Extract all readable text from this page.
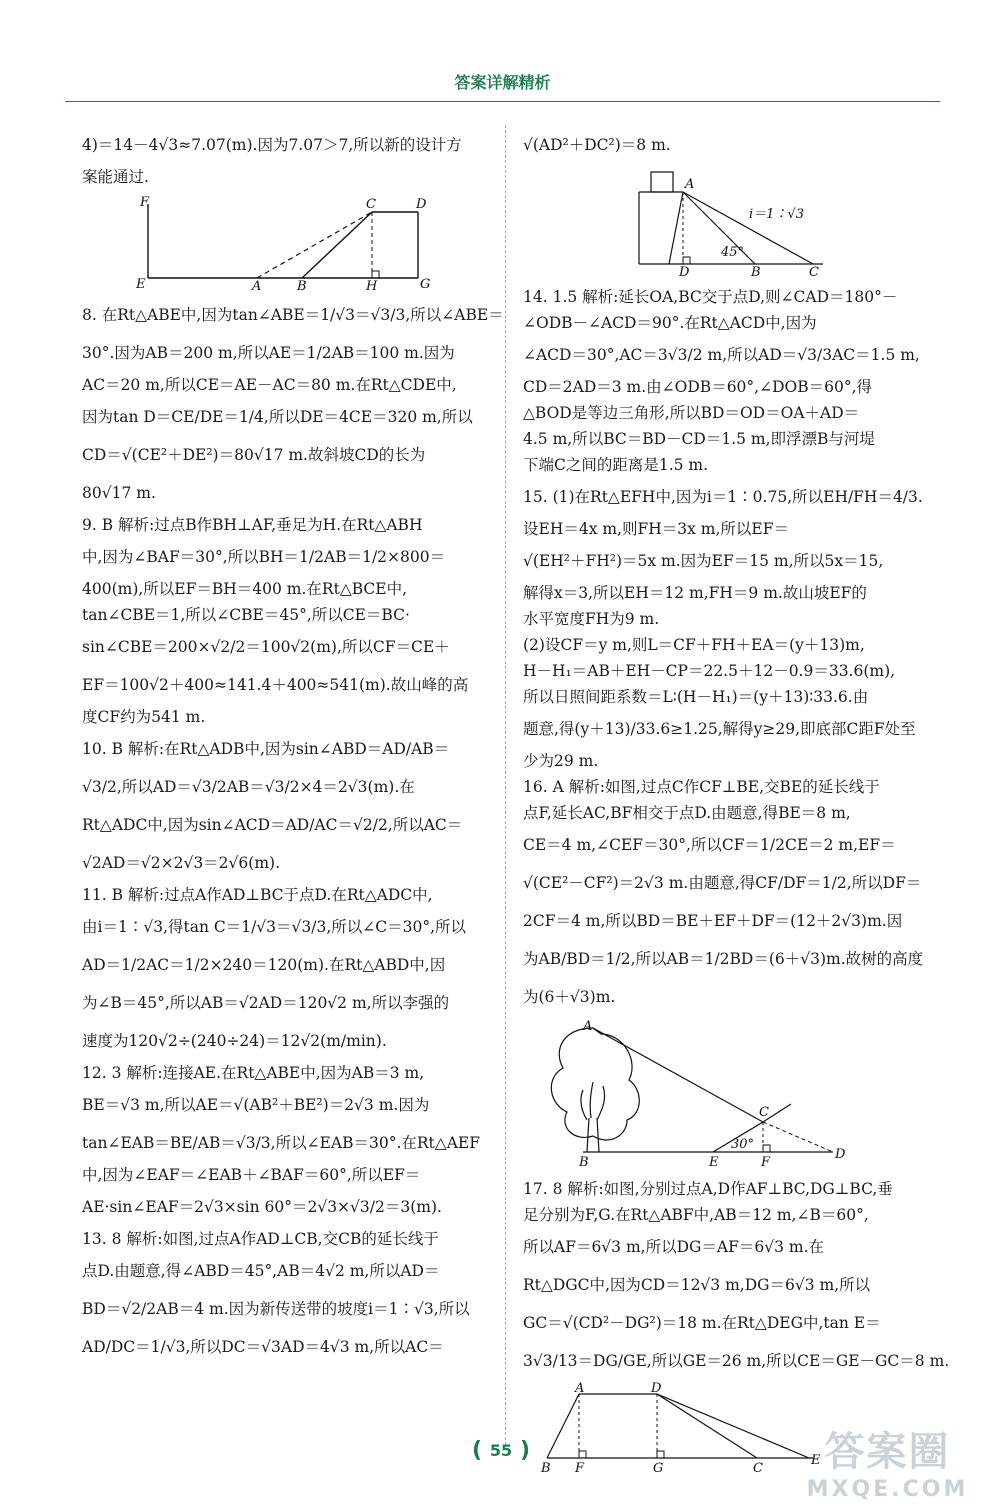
答案详解精析

4)＝14－4√3≈7.07(m).因为7.07＞7,所以新的设计方

案能通过.

F	C	D
E	A	B	H	G

8. 在Rt△ABE中,因为tan∠ABE＝1/√3＝√3/3,所以∠ABE＝

30°.因为AB＝200 m,所以AE＝1/2AB＝100 m.因为

AC＝20 m,所以CE＝AE－AC＝80 m.在Rt△CDE中,

因为tan D＝CE/DE＝1/4,所以DE＝4CE＝320 m,所以

CD＝√(CE²＋DE²)＝80√17 m.故斜坡CD的长为

80√17 m.

9. B 解析:过点B作BH⊥AF,垂足为H.在Rt△ABH

中,因为∠BAF＝30°,所以BH＝1/2AB＝1/2×800＝

400(m),所以EF＝BH＝400 m.在Rt△BCE中,

tan∠CBE＝1,所以∠CBE＝45°,所以CE＝BC·

sin∠CBE＝200×√2/2＝100√2(m),所以CF＝CE＋

EF＝100√2＋400≈141.4＋400≈541(m).故山峰的高

度CF约为541 m.

10. B 解析:在Rt△ADB中,因为sin∠ABD＝AD/AB＝

√3/2,所以AD＝√3/2AB＝√3/2×4＝2√3(m).在

Rt△ADC中,因为sin∠ACD＝AD/AC＝√2/2,所以AC＝

√2AD＝√2×2√3＝2√6(m).

11. B 解析:过点A作AD⊥BC于点D.在Rt△ADC中,

由i＝1∶√3,得tan C＝1/√3＝√3/3,所以∠C＝30°,所以

AD＝1/2AC＝1/2×240＝120(m).在Rt△ABD中,因

为∠B＝45°,所以AB＝√2AD＝120√2 m,所以李强的

速度为120√2÷(240÷24)＝12√2(m/min).

12. 3 解析:连接AE.在Rt△ABE中,因为AB＝3 m,

BE＝√3 m,所以AE＝√(AB²＋BE²)＝2√3 m.因为

tan∠EAB＝BE/AB＝√3/3,所以∠EAB＝30°.在Rt△AEF

中,因为∠EAF＝∠EAB＋∠BAF＝60°,所以EF＝

AE·sin∠EAF＝2√3×sin 60°＝2√3×√3/2＝3(m).

13. 8 解析:如图,过点A作AD⊥CB,交CB的延长线于

点D.由题意,得∠ABD＝45°,AB＝4√2 m,所以AD＝

BD＝√2/2AB＝4 m.因为新传送带的坡度i＝1∶√3,所以

AD/DC＝1/√3,所以DC＝√3AD＝4√3 m,所以AC＝

√(AD²＋DC²)＝8 m.

A
i＝1∶√3
45°
D	B	C

14. 1.5 解析:延长OA,BC交于点D,则∠CAD＝180°－

∠ODB－∠ACD＝90°.在Rt△ACD中,因为

∠ACD＝30°,AC＝3√3/2 m,所以AD＝√3/3AC＝1.5 m,

CD＝2AD＝3 m.由∠ODB＝60°,∠DOB＝60°,得

△BOD是等边三角形,所以BD＝OD＝OA＋AD＝

4.5 m,所以BC＝BD－CD＝1.5 m,即浮漂B与河堤

下端C之间的距离是1.5 m.

15. (1)在Rt△EFH中,因为i＝1∶0.75,所以EH/FH＝4/3.

设EH＝4x m,则FH＝3x m,所以EF＝

√(EH²＋FH²)＝5x m.因为EF＝15 m,所以5x＝15,

解得x＝3,所以EH＝12 m,FH＝9 m.故山坡EF的

水平宽度FH为9 m.

(2)设CF＝y m,则L＝CF＋FH＋EA＝(y＋13)m,

H－H₁＝AB＋EH－CP＝22.5＋12－0.9＝33.6(m),

所以日照间距系数＝L∶(H－H₁)＝(y＋13)∶33.6.由

题意,得(y＋13)/33.6≥1.25,解得y≥29,即底部C距F处至

少为29 m.

16. A 解析:如图,过点C作CF⊥BE,交BE的延长线于

点F,延长AC,BF相交于点D.由题意,得BE＝8 m,

CE＝4 m,∠CEF＝30°,所以CF＝1/2CE＝2 m,EF＝

√(CE²－CF²)＝2√3 m.由题意,得CF/DF＝1/2,所以DF＝

2CF＝4 m,所以BD＝BE＋EF＋DF＝(12＋2√3)m.因

为AB/BD＝1/2,所以AB＝1/2BD＝(6＋√3)m.故树的高度

为(6＋√3)m.

A
C
30°
B	E	F
D

17. 8 解析:如图,分别过点A,D作AF⊥BC,DG⊥BC,垂

足分别为F,G.在Rt△ABF中,AB＝12 m,∠B＝60°,

所以AF＝6√3 m,所以DG＝AF＝6√3 m.在

Rt△DGC中,因为CD＝12√3 m,DG＝6√3 m,所以

GC＝√(CD²－DG²)＝18 m.在Rt△DEG中,tan E＝

3√3/13＝DG/GE,所以GE＝26 m,所以CE＝GE－GC＝8 m.

A	D
B F	G	C
E
( 55 )	答案圈
MXQE.COM
